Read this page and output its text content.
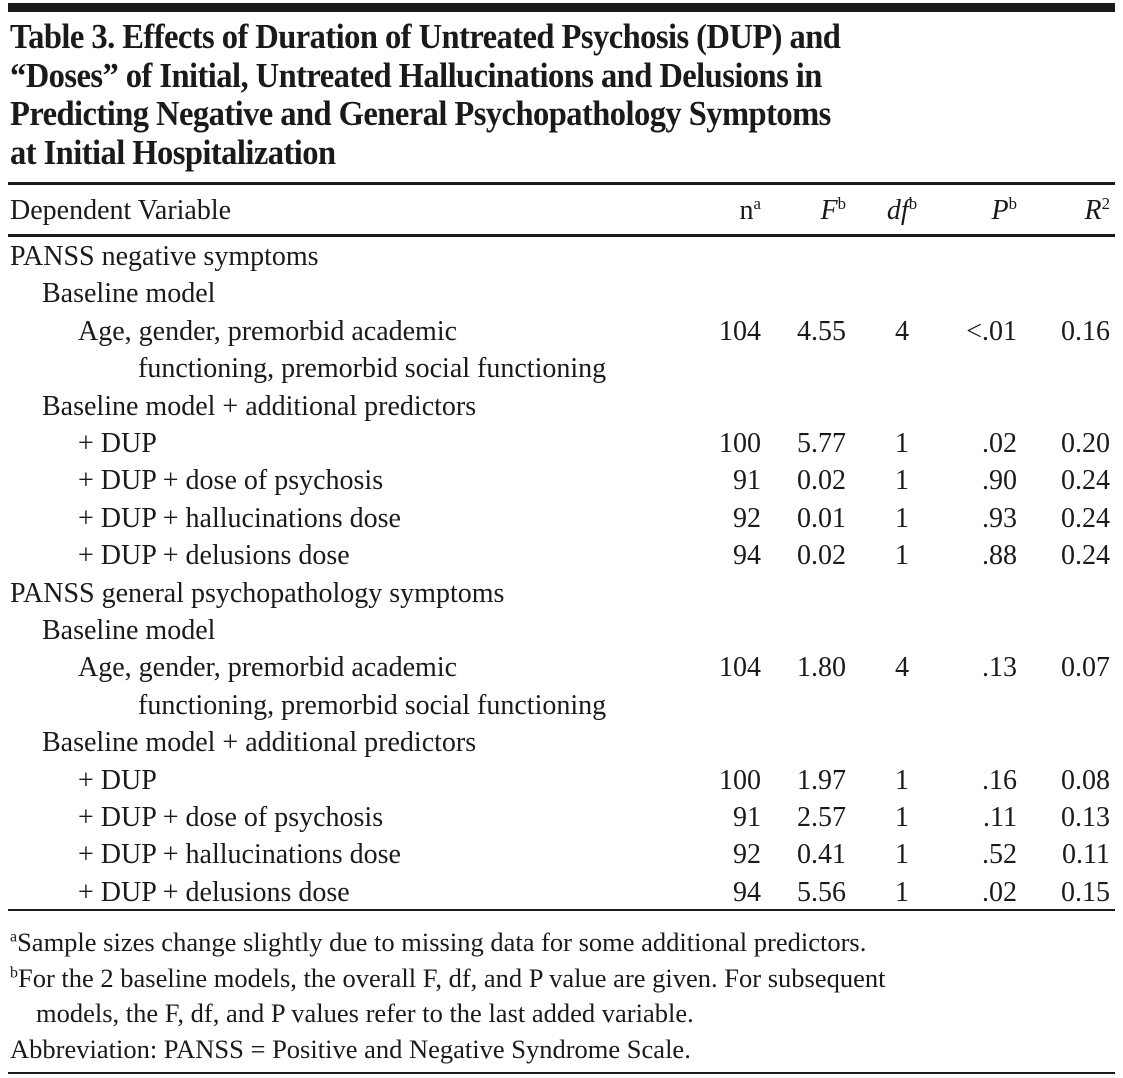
Table 3. Effects of Duration of Untreated Psychosis (DUP) and
“Doses” of Initial, Untreated Hallucinations and Delusions in
Predicting Negative and General Psychopathology Symptoms
at Initial Hospitalization
Dependent Variable	$n^a$ $F^b$	$df^b$	$P^b$ $R^2$
PANSS negative symptoms
Baseline model
Age, gender, premorbid academic	104 4.55	4	<.01 0.16
functioning, premorbid social functioning
Baseline model + additional predictors
+ DUP	100 5.77	1	.02 0.20
+ DUP + dose of psychosis	91 0.02	1	.90 0.24
+ DUP + hallucinations dose	92 0.01	1	.93 0.24
+ DUP + delusions dose	94 0.02	1	.88 0.24
PANSS general psychopathology symptoms
Baseline model
Age, gender, premorbid academic	104 1.80	4	.13 0.07
functioning, premorbid social functioning
Baseline model + additional predictors
+ DUP	100 1.97	1	.16 0.08
+ DUP + dose of psychosis	91 2.57	1	.11 0.13
+ DUP + hallucinations dose	92 0.41	1	.52 0.11
+ DUP + delusions dose	94 5.56	1	.02 0.15
$^a$Sample sizes change slightly due to missing data for some additional predictors.
$^b$For the 2 baseline models, the overall F, df, and P value are given. For subsequent
models, the F, df, and P values refer to the last added variable.
Abbreviation: PANSS = Positive and Negative Syndrome Scale.
